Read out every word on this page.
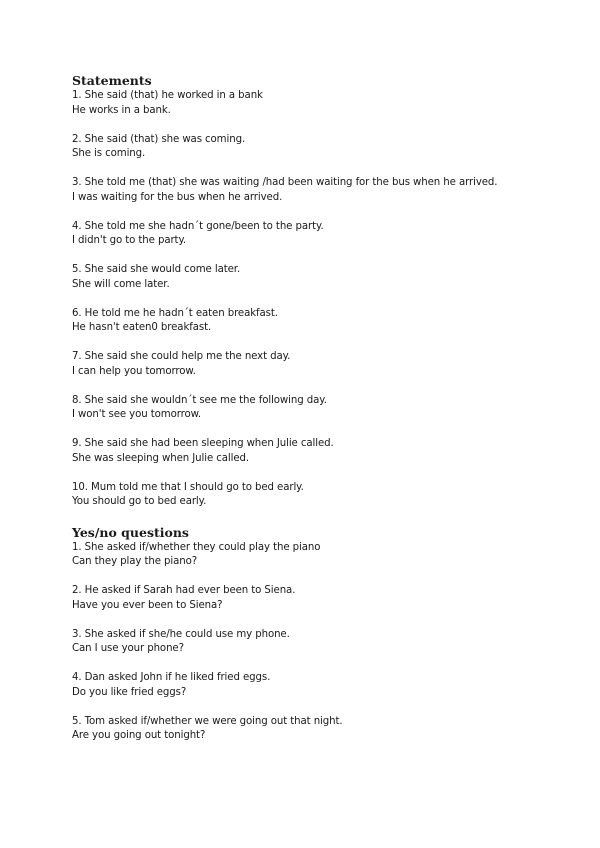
Statements
1. She said (that) he worked in a bank
He works in a bank.
2. She said (that) she was coming.
She is coming.
3. She told me (that) she was waiting /had been waiting for the bus when he arrived.
I was waiting for the bus when he arrived.
4. She told me she hadn´t gone/been to the party.
I didn't go to the party.
5. She said she would come later.
She will come later.
6. He told me he hadn´t eaten breakfast.
He hasn't eaten0 breakfast.
7. She said she could help me the next day.
I can help you tomorrow.
8. She said she wouldn´t see me the following day.
I won't see you tomorrow.
9. She said she had been sleeping when Julie called.
She was sleeping when Julie called.
10. Mum told me that I should go to bed early.
You should go to bed early.
Yes/no questions
1. She asked if/whether they could play the piano
Can they play the piano?
2. He asked if Sarah had ever been to Siena.
Have you ever been to Siena?
3. She asked if she/he could use my phone.
Can I use your phone?
4. Dan asked John if he liked fried eggs.
Do you like fried eggs?
5. Tom asked if/whether we were going out that night.
Are you going out tonight?
